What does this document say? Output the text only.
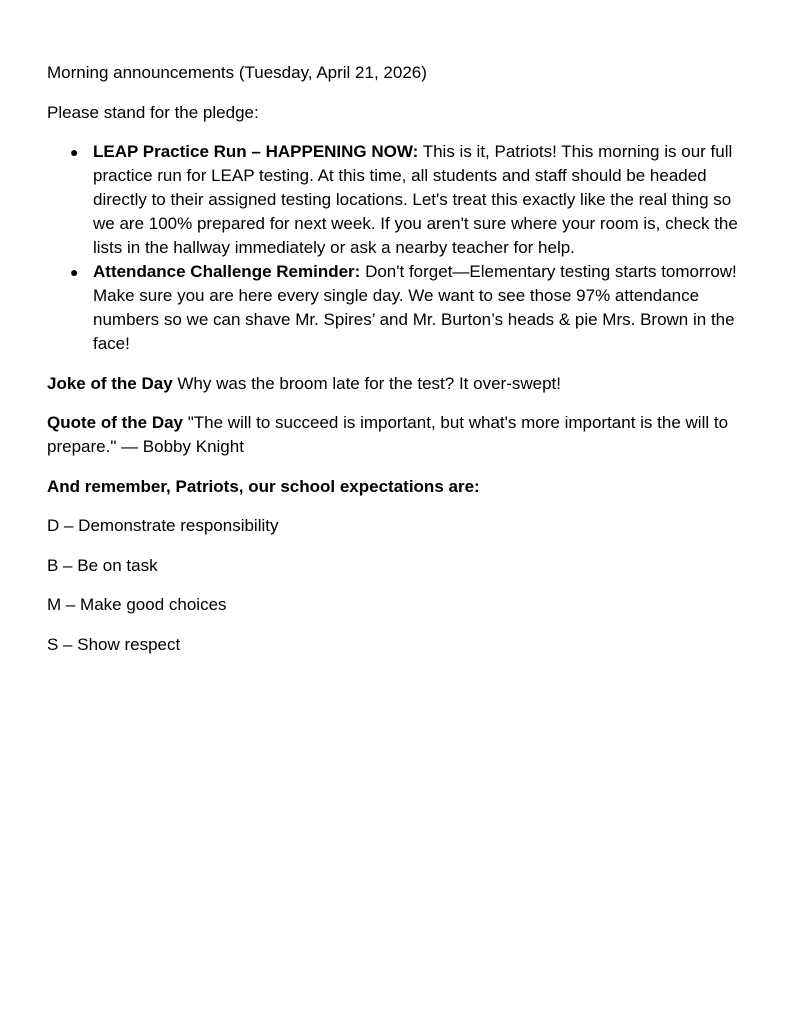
Morning announcements (Tuesday, April 21, 2026)

Please stand for the pledge:

● LEAP Practice Run – HAPPENING NOW: This is it, Patriots! This morning is our full practice run for LEAP testing. At this time, all students and staff should be headed directly to their assigned testing locations. Let's treat this exactly like the real thing so we are 100% prepared for next week. If you aren't sure where your room is, check the lists in the hallway immediately or ask a nearby teacher for help.
● Attendance Challenge Reminder: Don't forget—Elementary testing starts tomorrow! Make sure you are here every single day. We want to see those 97% attendance numbers so we can shave Mr. Spires’ and Mr. Burton’s heads & pie Mrs. Brown in the face!

Joke of the Day Why was the broom late for the test? It over-swept!

Quote of the Day "The will to succeed is important, but what's more important is the will to prepare." — Bobby Knight

And remember, Patriots, our school expectations are:

D – Demonstrate responsibility

B – Be on task

M – Make good choices

S – Show respect
